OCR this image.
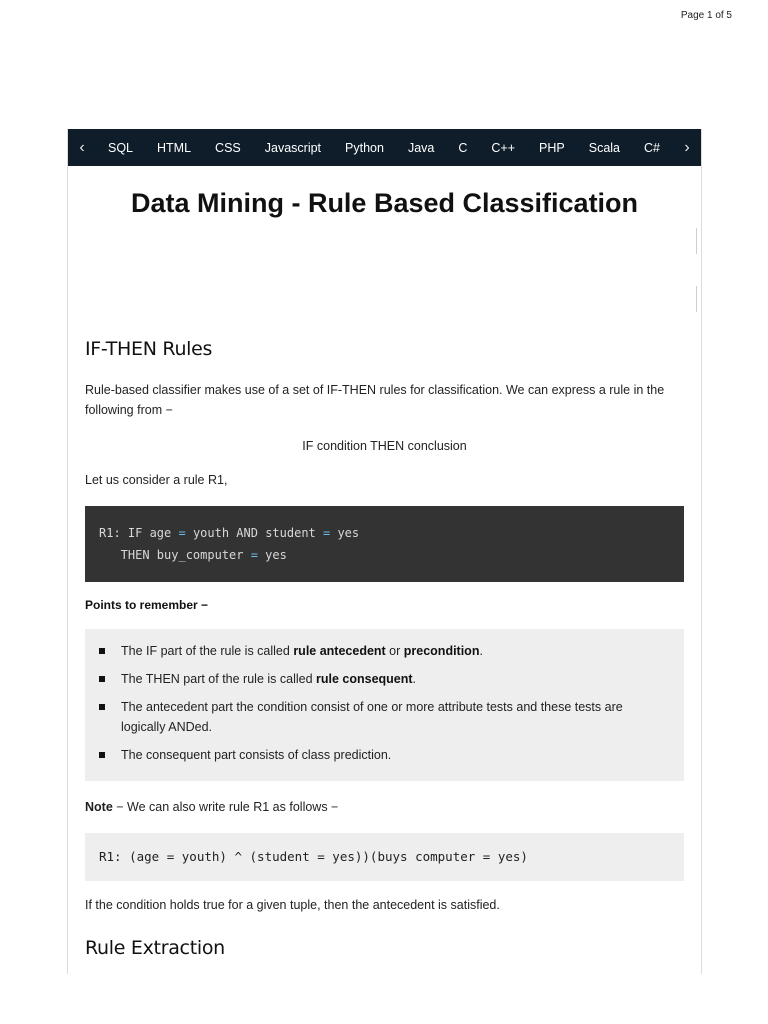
Page 1 of 5
‹	SQL	HTML	CSS	Javascript	Python	Java	C	C++	PHP	Scala	C#	›
Data Mining - Rule Based Classification
IF-THEN Rules

Rule-based classifier makes use of a set of IF-THEN rules for classification. We can express a rule in the following from −

IF condition THEN conclusion

Let us consider a rule R1,

R1: IF age = youth AND student = yes
THEN buy_computer = yes

Points to remember −

The IF part of the rule is called rule antecedent or precondition.
The THEN part of the rule is called rule consequent.
The antecedent part the condition consist of one or more attribute tests and these tests are logically ANDed.
The consequent part consists of class prediction.

Note − We can also write rule R1 as follows −

R1: (age = youth) ^ (student = yes))(buys computer = yes)

If the condition holds true for a given tuple, then the antecedent is satisfied.

Rule Extraction
